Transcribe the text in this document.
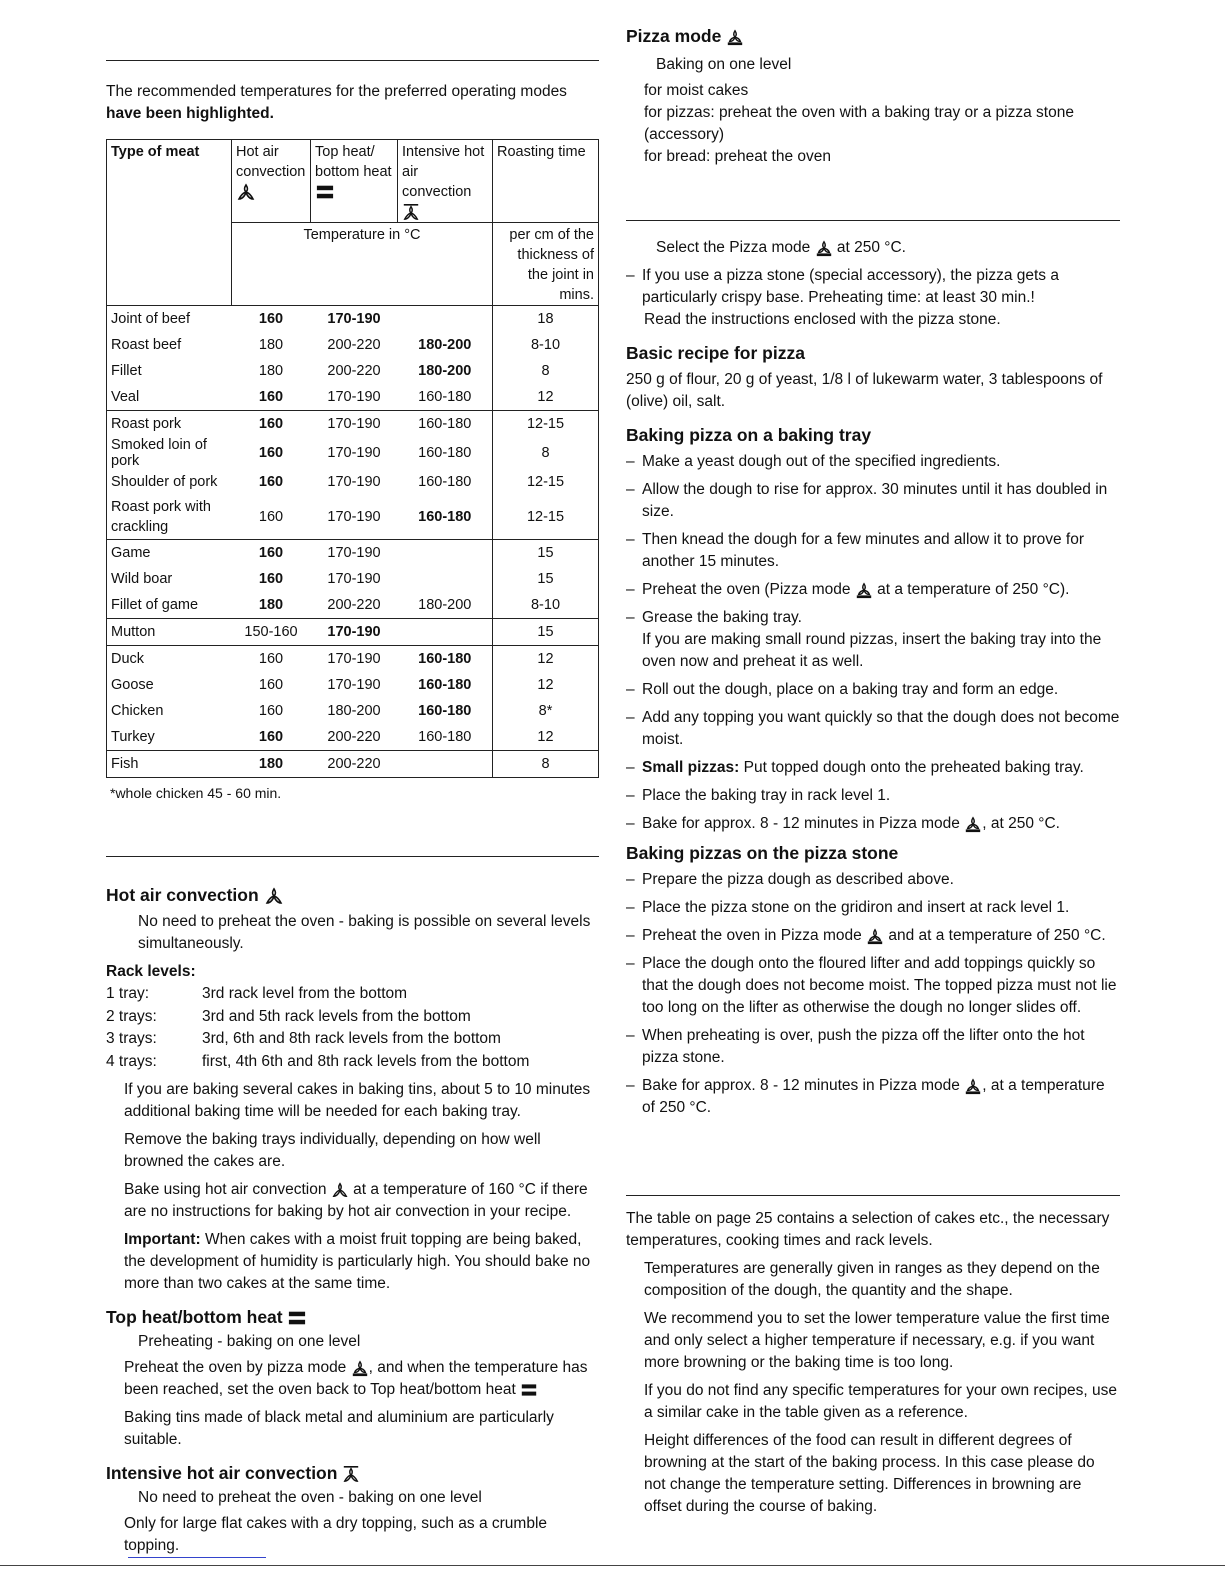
The recommended temperatures for the preferred operating modes have been highlighted.

Type of meat	Hot air convection	Top heat/ bottom heat	Intensive hot air convection	Roasting time
	Temperature in °C			per cm of the thickness of the joint in mins.
Joint of beef	160	170-190		18
Roast beef	180	200-220	180-200	8-10
Fillet	180	200-220	180-200	8
Veal	160	170-190	160-180	12
Roast pork	160	170-190	160-180	12-15
Smoked loin of pork	160	170-190	160-180	8
Shoulder of pork	160	170-190	160-180	12-15
Roast pork with crackling	160	170-190	160-180	12-15
Game	160	170-190		15
Wild boar	160	170-190		15
Fillet of game	180	200-220	180-200	8-10
Mutton	150-160	170-190		15
Duck	160	170-190	160-180	12
Goose	160	170-190	160-180	12
Chicken	160	180-200	160-180	8*
Turkey	160	200-220	160-180	12
Fish	180	200-220		8

*whole chicken 45 - 60 min.

Hot air convection

No need to preheat the oven - baking is possible on several levels simultaneously.

Rack levels:

1 tray:	3rd rack level from the bottom
2 trays:	3rd and 5th rack levels from the bottom
3 trays:	3rd, 6th and 8th rack levels from the bottom
4 trays:	first, 4th 6th and 8th rack levels from the bottom

If you are baking several cakes in baking tins, about 5 to 10 minutes additional baking time will be needed for each baking tray.

Remove the baking trays individually, depending on how well browned the cakes are.

Bake using hot air convection at a temperature of 160 °C if there are no instructions for baking by hot air convection in your recipe.

Important: When cakes with a moist fruit topping are being baked, the development of humidity is particularly high. You should bake no more than two cakes at the same time.

Top heat/bottom heat

Preheating - baking on one level

Preheat the oven by pizza mode , and when the temperature has been reached, set the oven back to Top heat/bottom heat

Baking tins made of black metal and aluminium are particularly suitable.

Intensive hot air convection

No need to preheat the oven - baking on one level

Only for large flat cakes with a dry topping, such as a crumble topping.

Pizza mode

Baking on one level

for moist cakes

for pizzas: preheat the oven with a baking tray or a pizza stone (accessory)

for bread: preheat the oven

Select the Pizza mode at 250 °C.

– If you use a pizza stone (special accessory), the pizza gets a particularly crispy base. Preheating time: at least 30 min.!

Read the instructions enclosed with the pizza stone.

Basic recipe for pizza

250 g of flour, 20 g of yeast, 1/8 l of lukewarm water, 3 tablespoons of (olive) oil, salt.

Baking pizza on a baking tray
– Make a yeast dough out of the specified ingredients.
– Allow the dough to rise for approx. 30 minutes until it has doubled in size.
– Then knead the dough for a few minutes and allow it to prove for another 15 minutes.
– Preheat the oven (Pizza mode at a temperature of 250 °C).
– Grease the baking tray.
If you are making small round pizzas, insert the baking tray into the oven now and preheat it as well.
– Roll out the dough, place on a baking tray and form an edge.
– Add any topping you want quickly so that the dough does not become moist.
– Small pizzas: Put topped dough onto the preheated baking tray.
– Place the baking tray in rack level 1.
– Bake for approx. 8 - 12 minutes in Pizza mode , at 250 °C.
Baking pizzas on the pizza stone
– Prepare the pizza dough as described above.
– Place the pizza stone on the gridiron and insert at rack level 1.
– Preheat the oven in Pizza mode and at a temperature of 250 °C.
– Place the dough onto the floured lifter and add toppings quickly so that the dough does not become moist. The topped pizza must not lie too long on the lifter as otherwise the dough no longer slides off.
– When preheating is over, push the pizza off the lifter onto the hot pizza stone.
– Bake for approx. 8 - 12 minutes in Pizza mode , at a temperature of 250 °C.

The table on page 25 contains a selection of cakes etc., the necessary temperatures, cooking times and rack levels.

Temperatures are generally given in ranges as they depend on the composition of the dough, the quantity and the shape.

We recommend you to set the lower temperature value the first time and only select a higher temperature if necessary, e.g. if you want more browning or the baking time is too long.

If you do not find any specific temperatures for your own recipes, use a similar cake in the table given as a reference.

Height differences of the food can result in different degrees of browning at the start of the baking process. In this case please do not change the temperature setting. Differences in browning are offset during the course of baking.
